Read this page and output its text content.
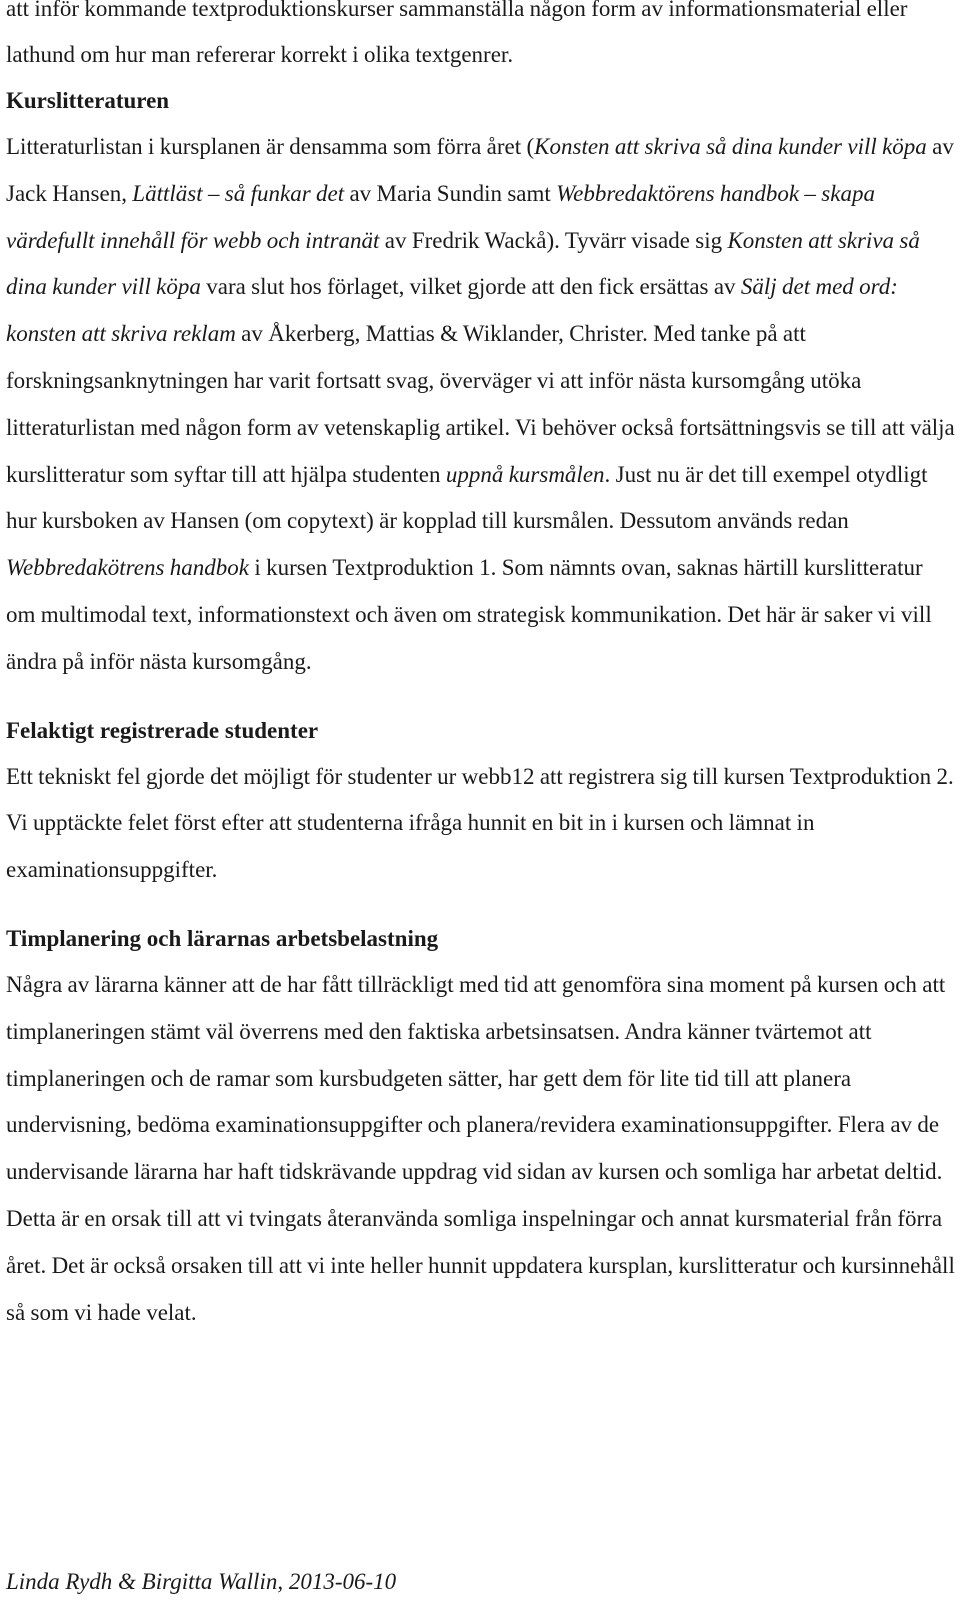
att inför kommande textproduktionskurser sammanställa någon form av informationsmaterial eller lathund om hur man refererar korrekt i olika textgenrer.

Kurslitteraturen

Litteraturlistan i kursplanen är densamma som förra året (Konsten att skriva så dina kunder vill köpa av Jack Hansen, Lättläst – så funkar det av Maria Sundin samt Webbredaktörens handbok – skapa värdefullt innehåll för webb och intranät av Fredrik Wackå). Tyvärr visade sig Konsten att skriva så dina kunder vill köpa vara slut hos förlaget, vilket gjorde att den fick ersättas av Sälj det med ord: konsten att skriva reklam av Åkerberg, Mattias & Wiklander, Christer. Med tanke på att forskningsanknytningen har varit fortsatt svag, överväger vi att inför nästa kursomgång utöka litteraturlistan med någon form av vetenskaplig artikel. Vi behöver också fortsättningsvis se till att välja kurslitteratur som syftar till att hjälpa studenten uppnå kursmålen. Just nu är det till exempel otydligt hur kursboken av Hansen (om copytext) är kopplad till kursmålen. Dessutom används redan Webbredakötrens handbok i kursen Textproduktion 1. Som nämnts ovan, saknas härtill kurslitteratur om multimodal text, informationstext och även om strategisk kommunikation. Det här är saker vi vill ändra på inför nästa kursomgång.

Felaktigt registrerade studenter

Ett tekniskt fel gjorde det möjligt för studenter ur webb12 att registrera sig till kursen Textproduktion 2. Vi upptäckte felet först efter att studenterna ifråga hunnit en bit in i kursen och lämnat in examinationsuppgifter.

Timplanering och lärarnas arbetsbelastning

Några av lärarna känner att de har fått tillräckligt med tid att genomföra sina moment på kursen och att timplaneringen stämt väl överrens med den faktiska arbetsinsatsen. Andra känner tvärtemot att timplaneringen och de ramar som kursbudgeten sätter, har gett dem för lite tid till att planera undervisning, bedöma examinationsuppgifter och planera/revidera examinationsuppgifter. Flera av de undervisande lärarna har haft tidskrävande uppdrag vid sidan av kursen och somliga har arbetat deltid. Detta är en orsak till att vi tvingats återanvända somliga inspelningar och annat kursmaterial från förra året. Det är också orsaken till att vi inte heller hunnit uppdatera kursplan, kurslitteratur och kursinnehåll så som vi hade velat.

Linda Rydh & Birgitta Wallin, 2013-06-10
